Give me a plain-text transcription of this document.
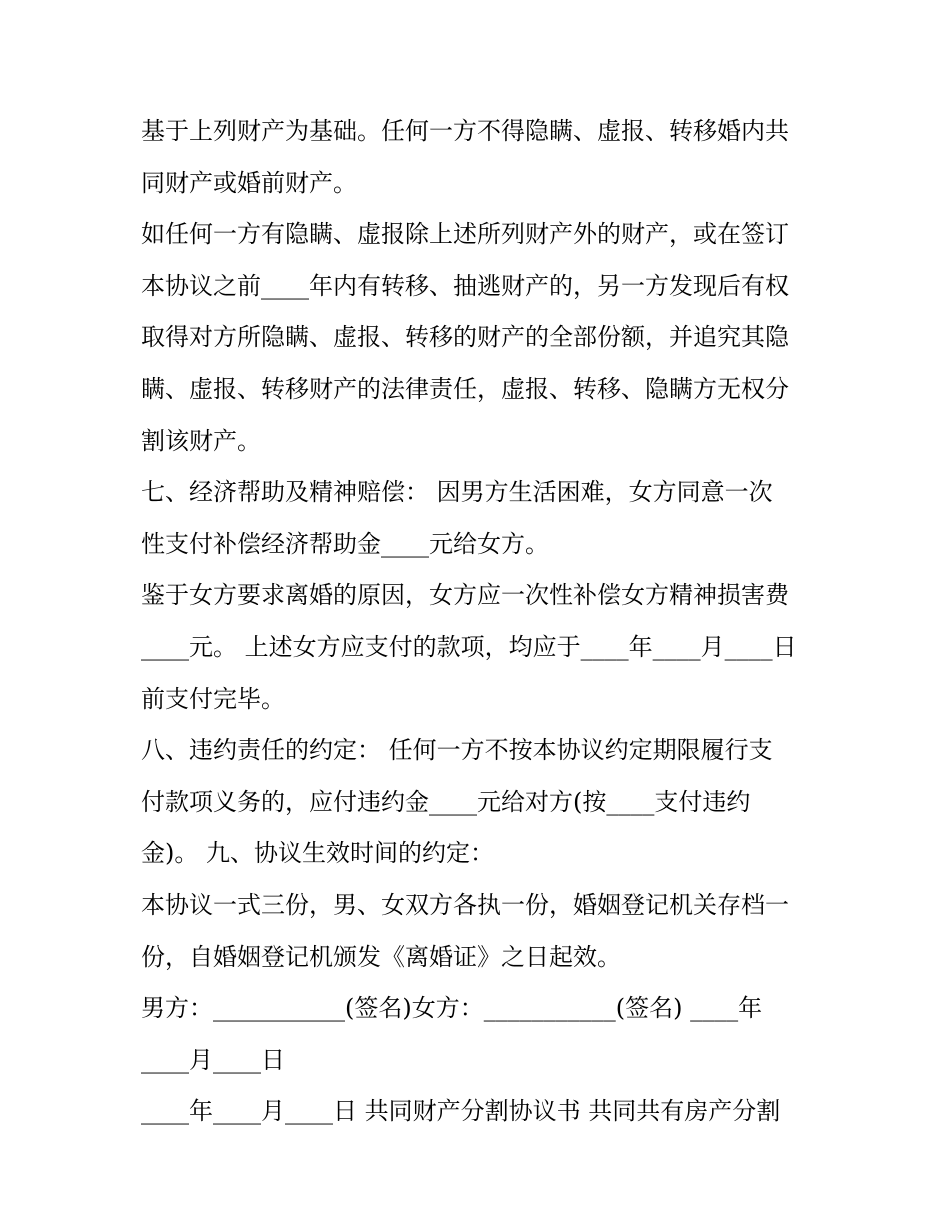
基于上列财产为基础。任何一方不得隐瞒、虚报、转移婚内共
同财产或婚前财产。
如任何一方有隐瞒、虚报除上述所列财产外的财产，或在签订
本协议之前____年内有转移、抽逃财产的，另一方发现后有权
取得对方所隐瞒、虚报、转移的财产的全部份额，并追究其隐
瞒、虚报、转移财产的法律责任，虚报、转移、隐瞒方无权分
割该财产。
七、经济帮助及精神赔偿： 因男方生活困难，女方同意一次
性支付补偿经济帮助金____元给女方。
鉴于女方要求离婚的原因，女方应一次性补偿女方精神损害费
____元。 上述女方应支付的款项，均应于____年____月____日
前支付完毕。
八、违约责任的约定： 任何一方不按本协议约定期限履行支
付款项义务的，应付违约金____元给对方(按____支付违约
金)。 九、协议生效时间的约定：
本协议一式三份，男、女双方各执一份，婚姻登记机关存档一
份，自婚姻登记机颁发《离婚证》之日起效。
男方：___________(签名)女方：___________(签名) ____年
____月____日
____年____月____日 共同财产分割协议书 共同共有房产分割
